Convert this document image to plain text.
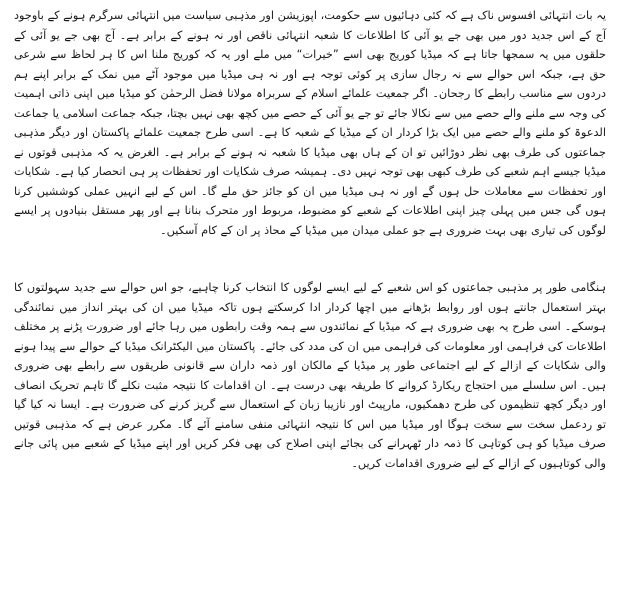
یہ بات انتہائی افسوس ناک ہے کہ کئی دہائیوں سے حکومت، اپوزیشن اور مذہبی سیاست میں انتہائی سرگرم ہونے کے باوجود آج کے اس جدید دور میں بھی جے یو آئی کا اطلاعات کا شعبہ انتہائی ناقص اور نہ ہونے کے برابر ہے۔ آج بھی جے یو آئی کے حلقوں میں یہ سمجھا جاتا ہے کہ میڈیا کوریج بھی اسے ”خیرات“ میں ملے اور یہ کہ کوریج ملنا اس کا ہر لحاظ سے شرعی حق ہے، جبکہ اس حوالے سے نہ رجال سازی پر کوئی توجہ ہے اور نہ ہی میڈیا میں موجود آٹے میں نمک کے برابر اپنے ہم دردوں سے مناسب رابطے کا رجحان۔ اگر جمعیت علمائے اسلام کے سربراہ مولانا فضل الرحمٰن کو میڈیا میں اپنی ذاتی اہمیت کی وجہ سے ملنے والے حصے میں سے نکالا جائے تو جے یو آئی کے حصے میں کچھ بھی نہیں بچتا، جبکہ جماعت اسلامی یا جماعت الدعوۃ کو ملنے والے حصے میں ایک بڑا کردار ان کے میڈیا کے شعبہ کا ہے۔ اسی طرح جمعیت علمائے پاکستان اور دیگر مذہبی جماعتوں کی طرف بھی نظر دوڑائیں تو ان کے ہاں بھی میڈیا کا شعبہ نہ ہونے کے برابر ہے۔ الغرض یہ کہ مذہبی قوتوں نے میڈیا جیسے اہم شعبے کی طرف کبھی بھی توجہ نہیں دی۔ ہمیشہ صرف شکایات اور تحفظات پر ہی انحصار کیا ہے۔ شکایات اور تحفظات سے معاملات حل ہوں گے اور نہ ہی میڈیا میں ان کو جائز حق ملے گا۔ اس کے لیے انہیں عملی کوششیں کرنا ہوں گی جس میں پہلی چیز اپنی اطلاعات کے شعبے کو مضبوط، مربوط اور متحرک بنانا ہے اور پھر مستقل بنیادوں پر ایسے لوگوں کی تیاری بھی بہت ضروری ہے جو عملی میدان میں میڈیا کے محاذ پر ان کے کام آسکیں۔

ہنگامی طور پر مذہبی جماعتوں کو اس شعبے کے لیے ایسے لوگوں کا انتخاب کرنا چاہیے، جو اس حوالے سے جدید سہولتوں کا بہتر استعمال جانتے ہوں اور روابط بڑھانے میں اچھا کردار ادا کرسکتے ہوں تاکہ میڈیا میں ان کی بہتر انداز میں نمائندگی ہوسکے۔ اسی طرح یہ بھی ضروری ہے کہ میڈیا کے نمائندوں سے ہمہ وقت رابطوں میں رہا جائے اور ضرورت پڑنے پر مختلف اطلاعات کی فراہمی اور معلومات کی فراہمی میں ان کی مدد کی جائے۔ پاکستان میں الیکٹرانک میڈیا کے حوالے سے پیدا ہونے والی شکایات کے ازالے کے لیے اجتماعی طور پر میڈیا کے مالکان اور ذمہ داران سے قانونی طریقوں سے رابطے بھی ضروری ہیں۔ اس سلسلے میں احتجاج ریکارڈ کروانے کا طریقہ بھی درست ہے۔ ان اقدامات کا نتیجہ مثبت نکلے گا تاہم تحریک انصاف اور دیگر کچھ تنظیموں کی طرح دھمکیوں، مارپیٹ اور نازیبا زبان کے استعمال سے گریز کرنے کی ضرورت ہے۔ ایسا نہ کیا گیا تو ردعمل سخت سے سخت ہوگا اور میڈیا میں اس کا نتیجہ انتہائی منفی سامنے آئے گا۔ مکرر عرض ہے کہ مذہبی قوتیں صرف میڈیا کو ہی کوتاہی کا ذمہ دار ٹھہرانے کی بجائے اپنی اصلاح کی بھی فکر کریں اور اپنے میڈیا کے شعبے میں پائی جانے والی کوتاہیوں کے ازالے کے لیے ضروری اقدامات کریں۔
